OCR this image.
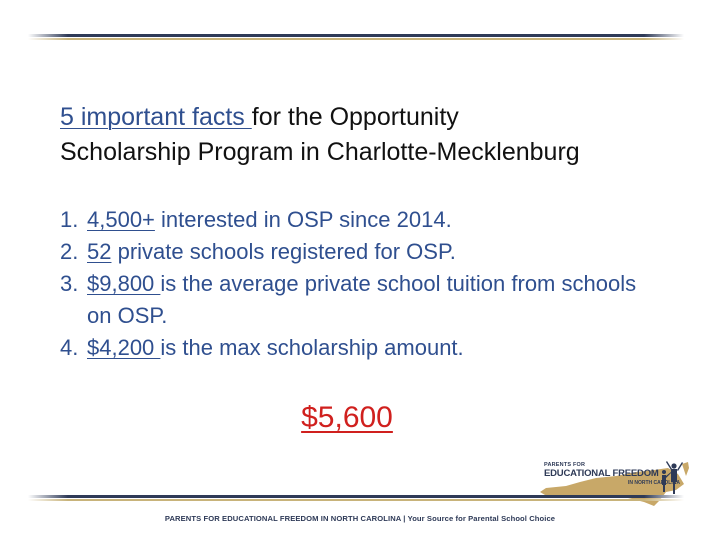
5 important facts for the Opportunity
Scholarship Program in Charlotte-Mecklenburg
1. 4,500+ interested in OSP since 2014.
2. 52 private schools registered for OSP.
3. $9,800 is the average private school tuition from schools on OSP.
4. $4,200 is the max scholarship amount.
$5,600
PARENTS FOR
EDUCATIONAL FREEDOM
IN NORTH CAROLINA
PARENTS FOR EDUCATIONAL FREEDOM IN NORTH CAROLINA | Your Source for Parental School Choice
